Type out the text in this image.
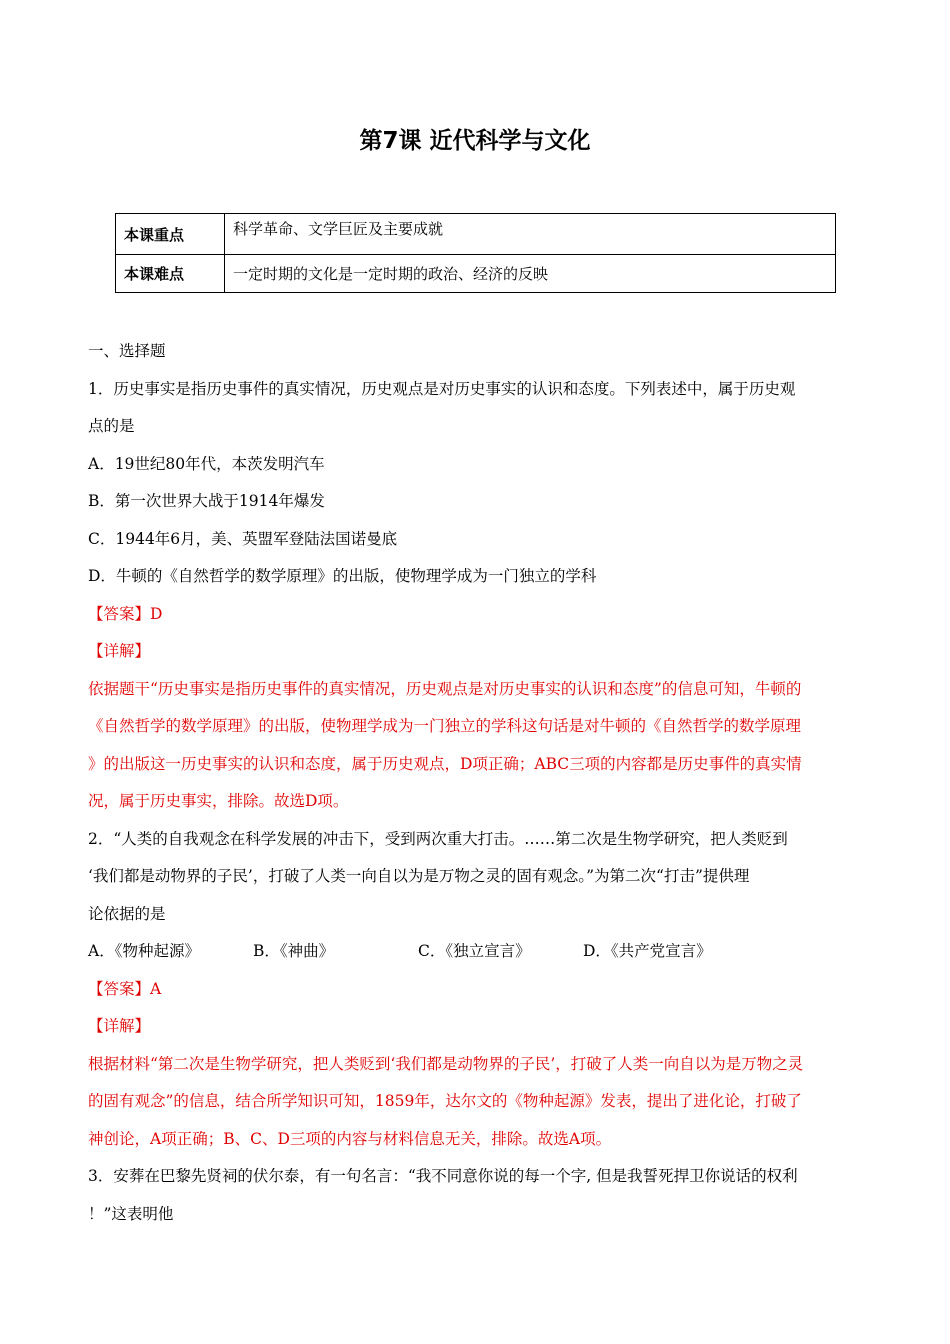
第7课 近代科学与文化
本课重点	科学革命、文学巨匠及主要成就
本课难点	一定时期的文化是一定时期的政治、经济的反映

一、选择题

1．历史事实是指历史事件的真实情况，历史观点是对历史事实的认识和态度。下列表述中，属于历史观

点的是

A．19世纪80年代，本茨发明汽车

B．第一次世界大战于1914年爆发

C．1944年6月，美、英盟军登陆法国诺曼底

D．牛顿的《自然哲学的数学原理》的出版，使物理学成为一门独立的学科

【答案】D

【详解】

依据题干“历史事实是指历史事件的真实情况，历史观点是对历史事实的认识和态度”的信息可知，牛顿的

《自然哲学的数学原理》的出版，使物理学成为一门独立的学科这句话是对牛顿的《自然哲学的数学原理

》的出版这一历史事实的认识和态度，属于历史观点，D项正确；ABC三项的内容都是历史事件的真实情

况，属于历史事实，排除。故选D项。

2．“人类的自我观念在科学发展的冲击下，受到两次重大打击。……第二次是生物学研究，把人类贬到

‘我们都是动物界的子民’，打破了人类一向自以为是万物之灵的固有观念。”为第二次“打击”提供理

论依据的是

A．《物种起源》	B．《神曲》	C．《独立宣言》	D．《共产党宣言》

【答案】A

【详解】

根据材料“第二次是生物学研究，把人类贬到‘我们都是动物界的子民’，打破了人类一向自以为是万物之灵

的固有观念”的信息，结合所学知识可知，1859年，达尔文的《物种起源》发表，提出了进化论，打破了

神创论，A项正确；B、C、D三项的内容与材料信息无关，排除。故选A项。

3．安葬在巴黎先贤祠的伏尔泰，有一句名言：“我不同意你说的每一个字, 但是我誓死捍卫你说话的权利

！”这表明他
